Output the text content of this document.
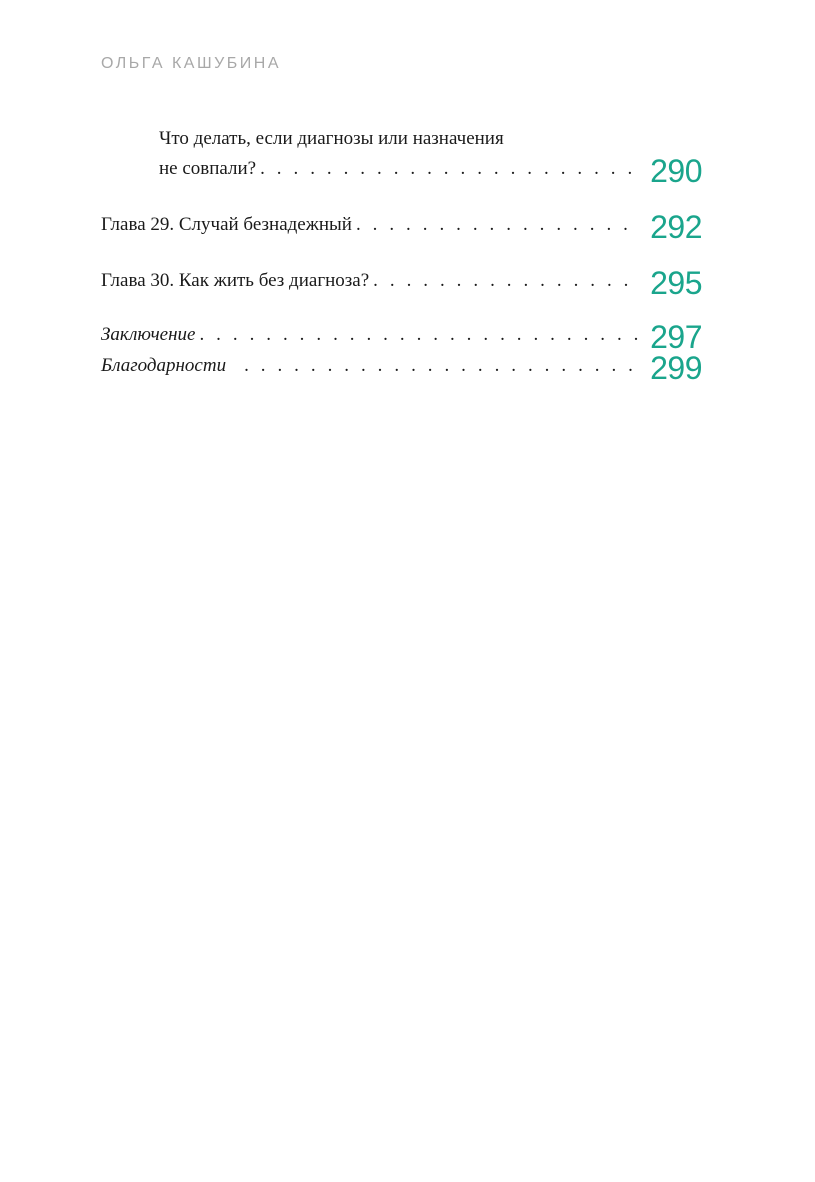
ОЛЬГА КАШУБИНА
Что делать, если диагнозы или назначения
не совпали? . . .	290
Глава 29. Случай безнадежный . . .	292
Глава 30. Как жить без диагноза? . . .	295
Заключение . . .	297
Благодарности . . .	299
